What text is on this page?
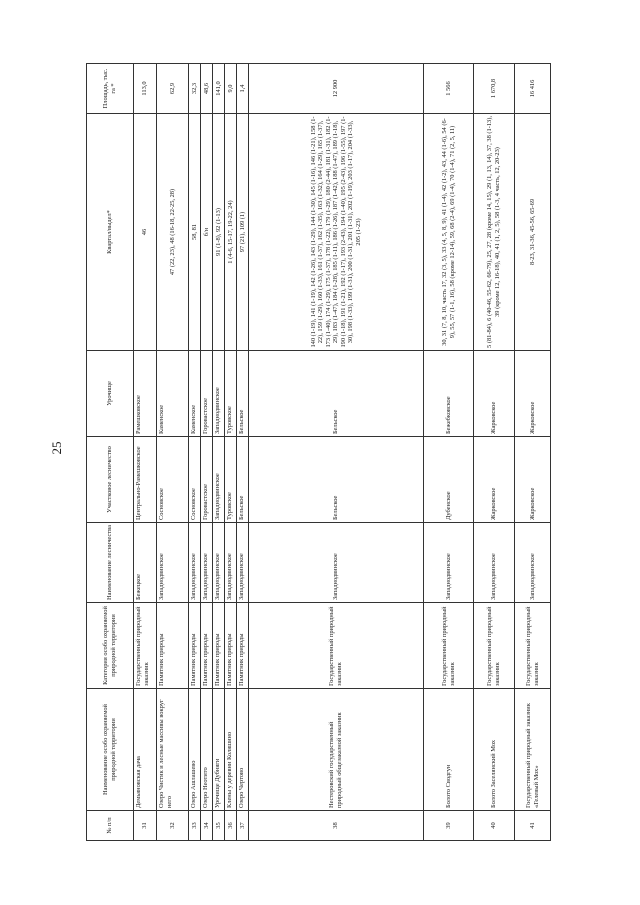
25
№ п/п	Наименование особо охраняемой природной территории	Категория особо охраняемой природной территории	Наименование лесничества	Участковое лесничество	Урочище	Квартал/выдел*	Площадь, тыс. га *
31	Демьяновская дача	Государственный природный заказник	Бежецкое	Центрально-Рамешковское	Рамешковское	46	113,0
32	Озеро Чистик и лесные массивы вокруг него	Памятник природы	Западнодвинское	Сосновское	Каменское	47 (22, 23), 48 (16-18, 22-25, 28)	62,9
33	Озеро Ашлашево	Памятник природы	Западнодвинское	Сосновское	Каменское	58, 81	32,3
34	Озеро Неотито	Памятник природы	Западнодвинское	Горовастское	Горовастское	б/н	48,6
35	Урочище Дубняги	Памятник природы	Западнодвинское	Западнодвинское	Западнодвинское	91 (1-8), 92 (1-13)	141,0
36	Клены у деревни Коляшино	Памятник природы	Западнодвинское	Туровское	Туровское	1 (4-6, 15-17, 19-22, 24)	9,0
37	Озеро Чертово	Памятник природы	Западнодвинское	Бельское	Бельское	97 (21), 109 (1)	1,4
38	Нестеровский государственный природный общезаказной заказник	Государственный природный заказник	Западнодвинское	Бельское	Бельское	140 (1-19), 141 (1-19), 142 (1-26), 143 (1-29), 144 (1-30), 145 (1-16), 146 (1-21), 158 (1-22), 159 (1-29), 160 (1-33), 161 (1-37), 162 (1-35), 163 (1-32), 164 (1-29), 165 (1-37), 173 (1-40), 174 (1-29), 175 (1-37), 178 (1-22), 179 (1-29), 180 (2-44), 181 (1-31), 182 (1-29), 183 (1-47), 184 (1-28), 185 (1-11), 186 (1-26), 187 (1-42), 188 (1-47), 189 (1-18), 190 (1-18), 191 (1-21), 192 (1-17), 193 (2-43), 194 (1-40), 195 (2-43), 196 (1-55), 197 (1-30), 198 (1-33), 199 (1-31), 200 (1-31), 201 (1-31), 202 (1-19), 203 (1-17), 204 (1-33), 205 (1-23)	12 900
39	Болото Сводгун	Государственный природный заказник	Западнодвинское	Дубенское	Бежебковское	30, 31 (7, 8, 10, часть 17, 32 (3, 5), 33 (4, 5, 8, 9), 41 (1-4), 42 (1-2), 43, 44 (1-6), 54 (6-9), 55, 57 (1-1, 16), 58 (кроме 12-14), 59, 68 (2-4), 69 (1-4), 70 (1-4), 71 (2, 5, 11)	1 566
40	Болото Заселянский Мох	Государственный природный заказник	Западнодвинское	Жарковское	Жарковское	5 (81-84), 6 (40-46, 55-62, 66-79), 25, 27, 28 (кроме 14, 15), 29 (1, 13, 14), 37, 38 (1-13), 39 (кроме 12, 16-18), 40, 41 (1, 2, 5), 58 (1-3, 4 часть, 12, 20-23)	1 670,8
41	Государственный природный заказник «Гелевый Мох»	Государственный природный заказник	Западнодвинское	Жарковское	Жарковское	8-23, 31-36, 45-56, 65-69	16 416
